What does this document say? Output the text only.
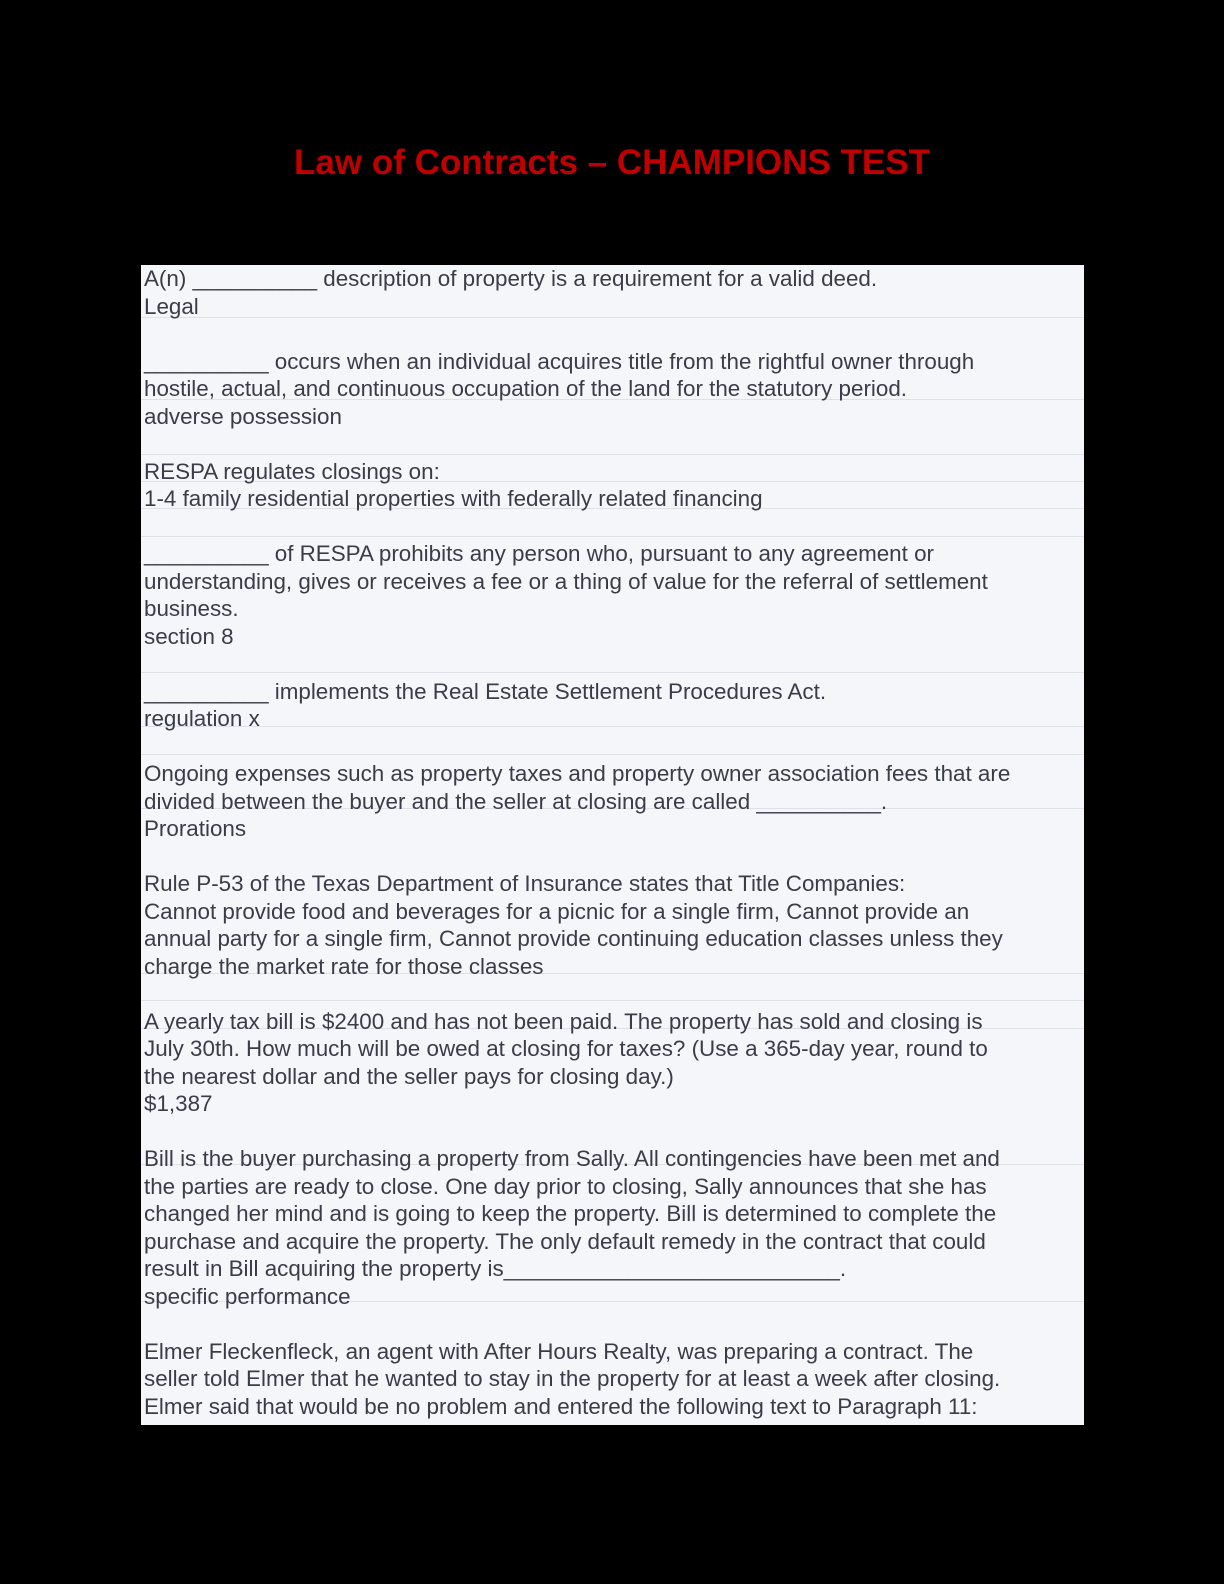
Law of Contracts – CHAMPIONS TEST
A(n) __________ description of property is a requirement for a valid deed.
Legal
__________ occurs when an individual acquires title from the rightful owner through
hostile, actual, and continuous occupation of the land for the statutory period.
adverse possession
RESPA regulates closings on:
1-4 family residential properties with federally related financing
__________ of RESPA prohibits any person who, pursuant to any agreement or
understanding, gives or receives a fee or a thing of value for the referral of settlement
business.
section 8
__________ implements the Real Estate Settlement Procedures Act.
regulation x
Ongoing expenses such as property taxes and property owner association fees that are
divided between the buyer and the seller at closing are called __________.
Prorations
Rule P-53 of the Texas Department of Insurance states that Title Companies:
Cannot provide food and beverages for a picnic for a single firm, Cannot provide an
annual party for a single firm, Cannot provide continuing education classes unless they
charge the market rate for those classes
A yearly tax bill is $2400 and has not been paid. The property has sold and closing is
July 30th. How much will be owed at closing for taxes? (Use a 365-day year, round to
the nearest dollar and the seller pays for closing day.)
$1,387
Bill is the buyer purchasing a property from Sally. All contingencies have been met and
the parties are ready to close. One day prior to closing, Sally announces that she has
changed her mind and is going to keep the property. Bill is determined to complete the
purchase and acquire the property. The only default remedy in the contract that could
result in Bill acquiring the property is___________________________.
specific performance
Elmer Fleckenfleck, an agent with After Hours Realty, was preparing a contract. The
seller told Elmer that he wanted to stay in the property for at least a week after closing.
Elmer said that would be no problem and entered the following text to Paragraph 11:
